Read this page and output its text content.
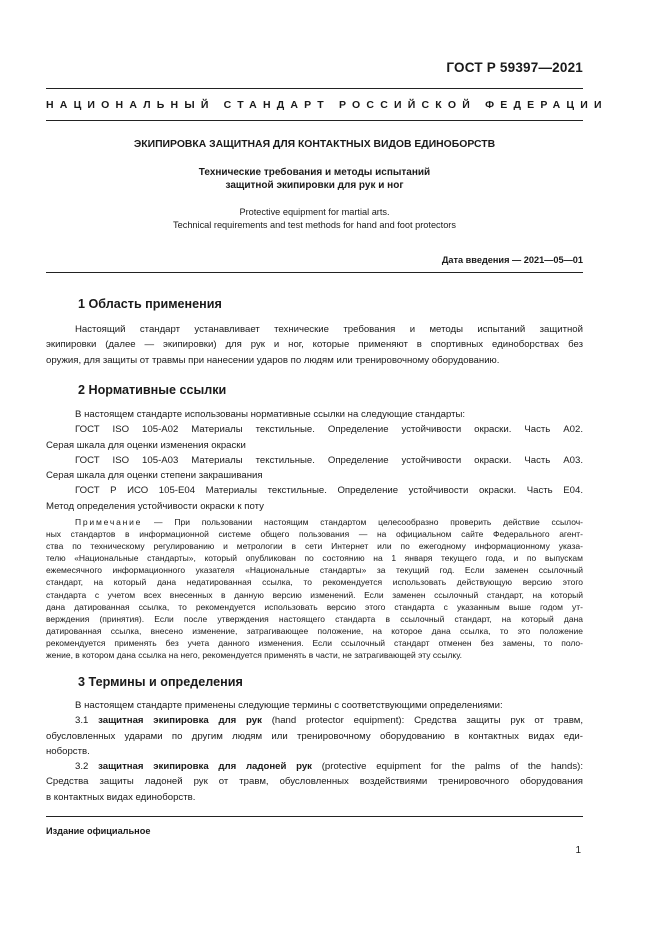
ГОСТ Р 59397—2021
НАЦИОНАЛЬНЫЙ СТАНДАРТ РОССИЙСКОЙ ФЕДЕРАЦИИ
ЭКИПИРОВКА ЗАЩИТНАЯ ДЛЯ КОНТАКТНЫХ ВИДОВ ЕДИНОБОРСТВ
Технические требования и методы испытаний
защитной экипировки для рук и ног
Protective equipment for martial arts.
Technical requirements and test methods for hand and foot protectors
Дата введения — 2021—05—01
1 Область применения
Настоящий стандарт устанавливает технические требования и методы испытаний защитной
экипировки (далее — экипировки) для рук и ног, которые применяют в спортивных единоборствах без
оружия, для защиты от травмы при нанесении ударов по людям или тренировочному оборудованию.
2 Нормативные ссылки
В настоящем стандарте использованы нормативные ссылки на следующие стандарты:
ГОСТ ISO 105-A02 Материалы текстильные. Определение устойчивости окраски. Часть A02.
Серая шкала для оценки изменения окраски
ГОСТ ISO 105-A03 Материалы текстильные. Определение устойчивости окраски. Часть A03.
Серая шкала для оценки степени закрашивания
ГОСТ Р ИСО 105-E04 Материалы текстильные. Определение устойчивости окраски. Часть E04.
Метод определения устойчивости окраски к поту
Примечание — При пользовании настоящим стандартом целесообразно проверить действие ссылоч-
ных стандартов в информационной системе общего пользования — на официальном сайте Федерального агент-
ства по техническому регулированию и метрологии в сети Интернет или по ежегодному информационному указа-
телю «Национальные стандарты», который опубликован по состоянию на 1 января текущего года, и по выпускам
ежемесячного информационного указателя «Национальные стандарты» за текущий год. Если заменен ссылочный
стандарт, на который дана недатированная ссылка, то рекомендуется использовать действующую версию этого
стандарта с учетом всех внесенных в данную версию изменений. Если заменен ссылочный стандарт, на который
дана датированная ссылка, то рекомендуется использовать версию этого стандарта с указанным выше годом ут-
верждения (принятия). Если после утверждения настоящего стандарта в ссылочный стандарт, на который дана
датированная ссылка, внесено изменение, затрагивающее положение, на которое дана ссылка, то это положение
рекомендуется применять без учета данного изменения. Если ссылочный стандарт отменен без замены, то поло-
жение, в котором дана ссылка на него, рекомендуется применять в части, не затрагивающей эту ссылку.
3 Термины и определения
В настоящем стандарте применены следующие термины с соответствующими определениями:
3.1 защитная экипировка для рук (hand protector equipment): Средства защиты рук от травм,
обусловленных ударами по другим людям или тренировочному оборудованию в контактных видах еди-
ноборств.
3.2 защитная экипировка для ладоней рук (protective equipment for the palms of the hands):
Средства защиты ладоней рук от травм, обусловленных воздействиями тренировочного оборудования
в контактных видах единоборств.
Издание официальное
1
